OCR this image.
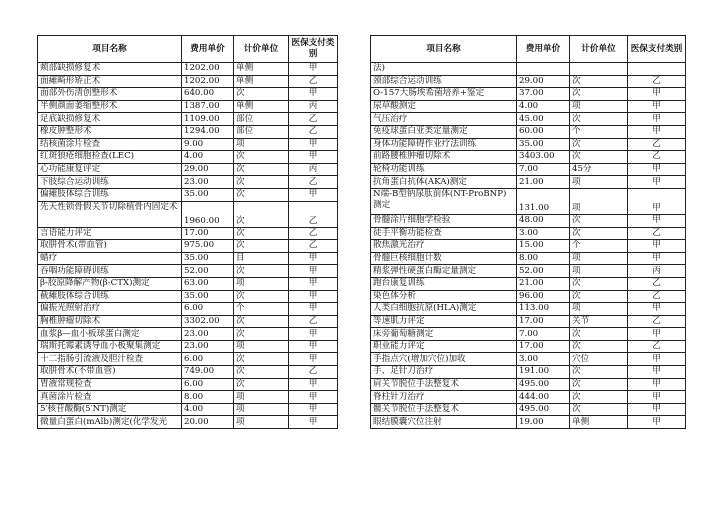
项目名称	费用单价	计价单位	医保支付类别
颊部缺损修复术	1202.00	单侧	甲
面瘫畸形矫正术	1202.00	单侧	乙
面部外伤清创整形术	640.00	次	甲
半侧颜面萎缩整形术	1387.00	单侧	丙
足底缺损修复术	1109.00	部位	乙
橡皮肿整形术	1294.00	部位	乙
结核菌涂片检查	9.00	项	甲
红斑狼疮细胞检查(LEC)	4.00	次	甲
心功能康复评定	29.00	次	丙
下肢综合运动训练	23.00	次	乙
偏瘫肢体综合训练	35.00	次	甲
先天性锁骨假关节切除植骨内固定术	1960.00	次	乙
言语能力评定	17.00	次	乙
取胼骨术(带血管)	975.00	次	乙
蜡疗	35.00	目	甲
吞咽功能障碍训练	52.00	次	甲
β-胶原降解产物(β-CTX)测定	63.00	项	甲
截瘫肢体综合训练	35.00	次	甲
偏振光照射治疗	6.00	个	甲
胸椎肿瘤切除术	3302.00	次	乙
血浆β—血小板球蛋白测定	23.00	次	甲
瑞斯托霉素诱导血小板聚集测定	23.00	项	甲
十二指肠引流液及胆汁检查	6.00	次	甲
取胼骨术(不带血管)	749.00	次	乙
胃液常规检查	6.00	次	甲
真菌涂片检查	8.00	项	甲
5′核苷酸酶(5′NT)测定	4.00	项	甲
微量白蛋白(mAlb)测定(化学发光	20.00	项	甲
项目名称	费用单价	计价单位	医保支付类别
法)			
颈部综合运动训练	29.00	次	乙
O-157大肠埃希菌培养+鉴定	37.00	次	甲
尿草酸测定	4.00	项	甲
气压治疗	45.00	次	甲
免疫球蛋白亚类定量测定	60.00	个	甲
身体功能障碍作业疗法训练	35.00	次	乙
前路腰椎肿瘤切除术	3403.00	次	乙
轮椅功能训练	7.00	45分	甲
抗角蛋白抗体(AKA)测定	21.00	项	甲
N端-B型钠尿肽前体(NT-ProBNP)测定	131.00	项	甲
骨髓涂片细胞学检验	48.00	次	甲
徒手平衡功能检查	3.00	次	乙
散焦激光治疗	15.00	个	甲
骨髓巨核细胞计数	8.00	项	甲
精浆弹性硬蛋白酶定量测定	52.00	项	丙
跑台康复训练	21.00	次	乙
染色体分析	96.00	次	乙
人类白细胞抗原(HLA)测定	113.00	项	甲
等速肌力评定	17.00	关节	乙
床旁葡萄糖测定	7.00	次	甲
职业能力评定	17.00	次	乙
手指点穴(增加穴位)加收	3.00	穴位	甲
手、足针刀治疗	191.00	次	甲
肩关节脱位手法整复术	495.00	次	甲
脊柱针刀治疗	444.00	次	甲
髋关节脱位手法整复术	495.00	次	甲
眼结膜囊穴位注射	19.00	单侧	甲
